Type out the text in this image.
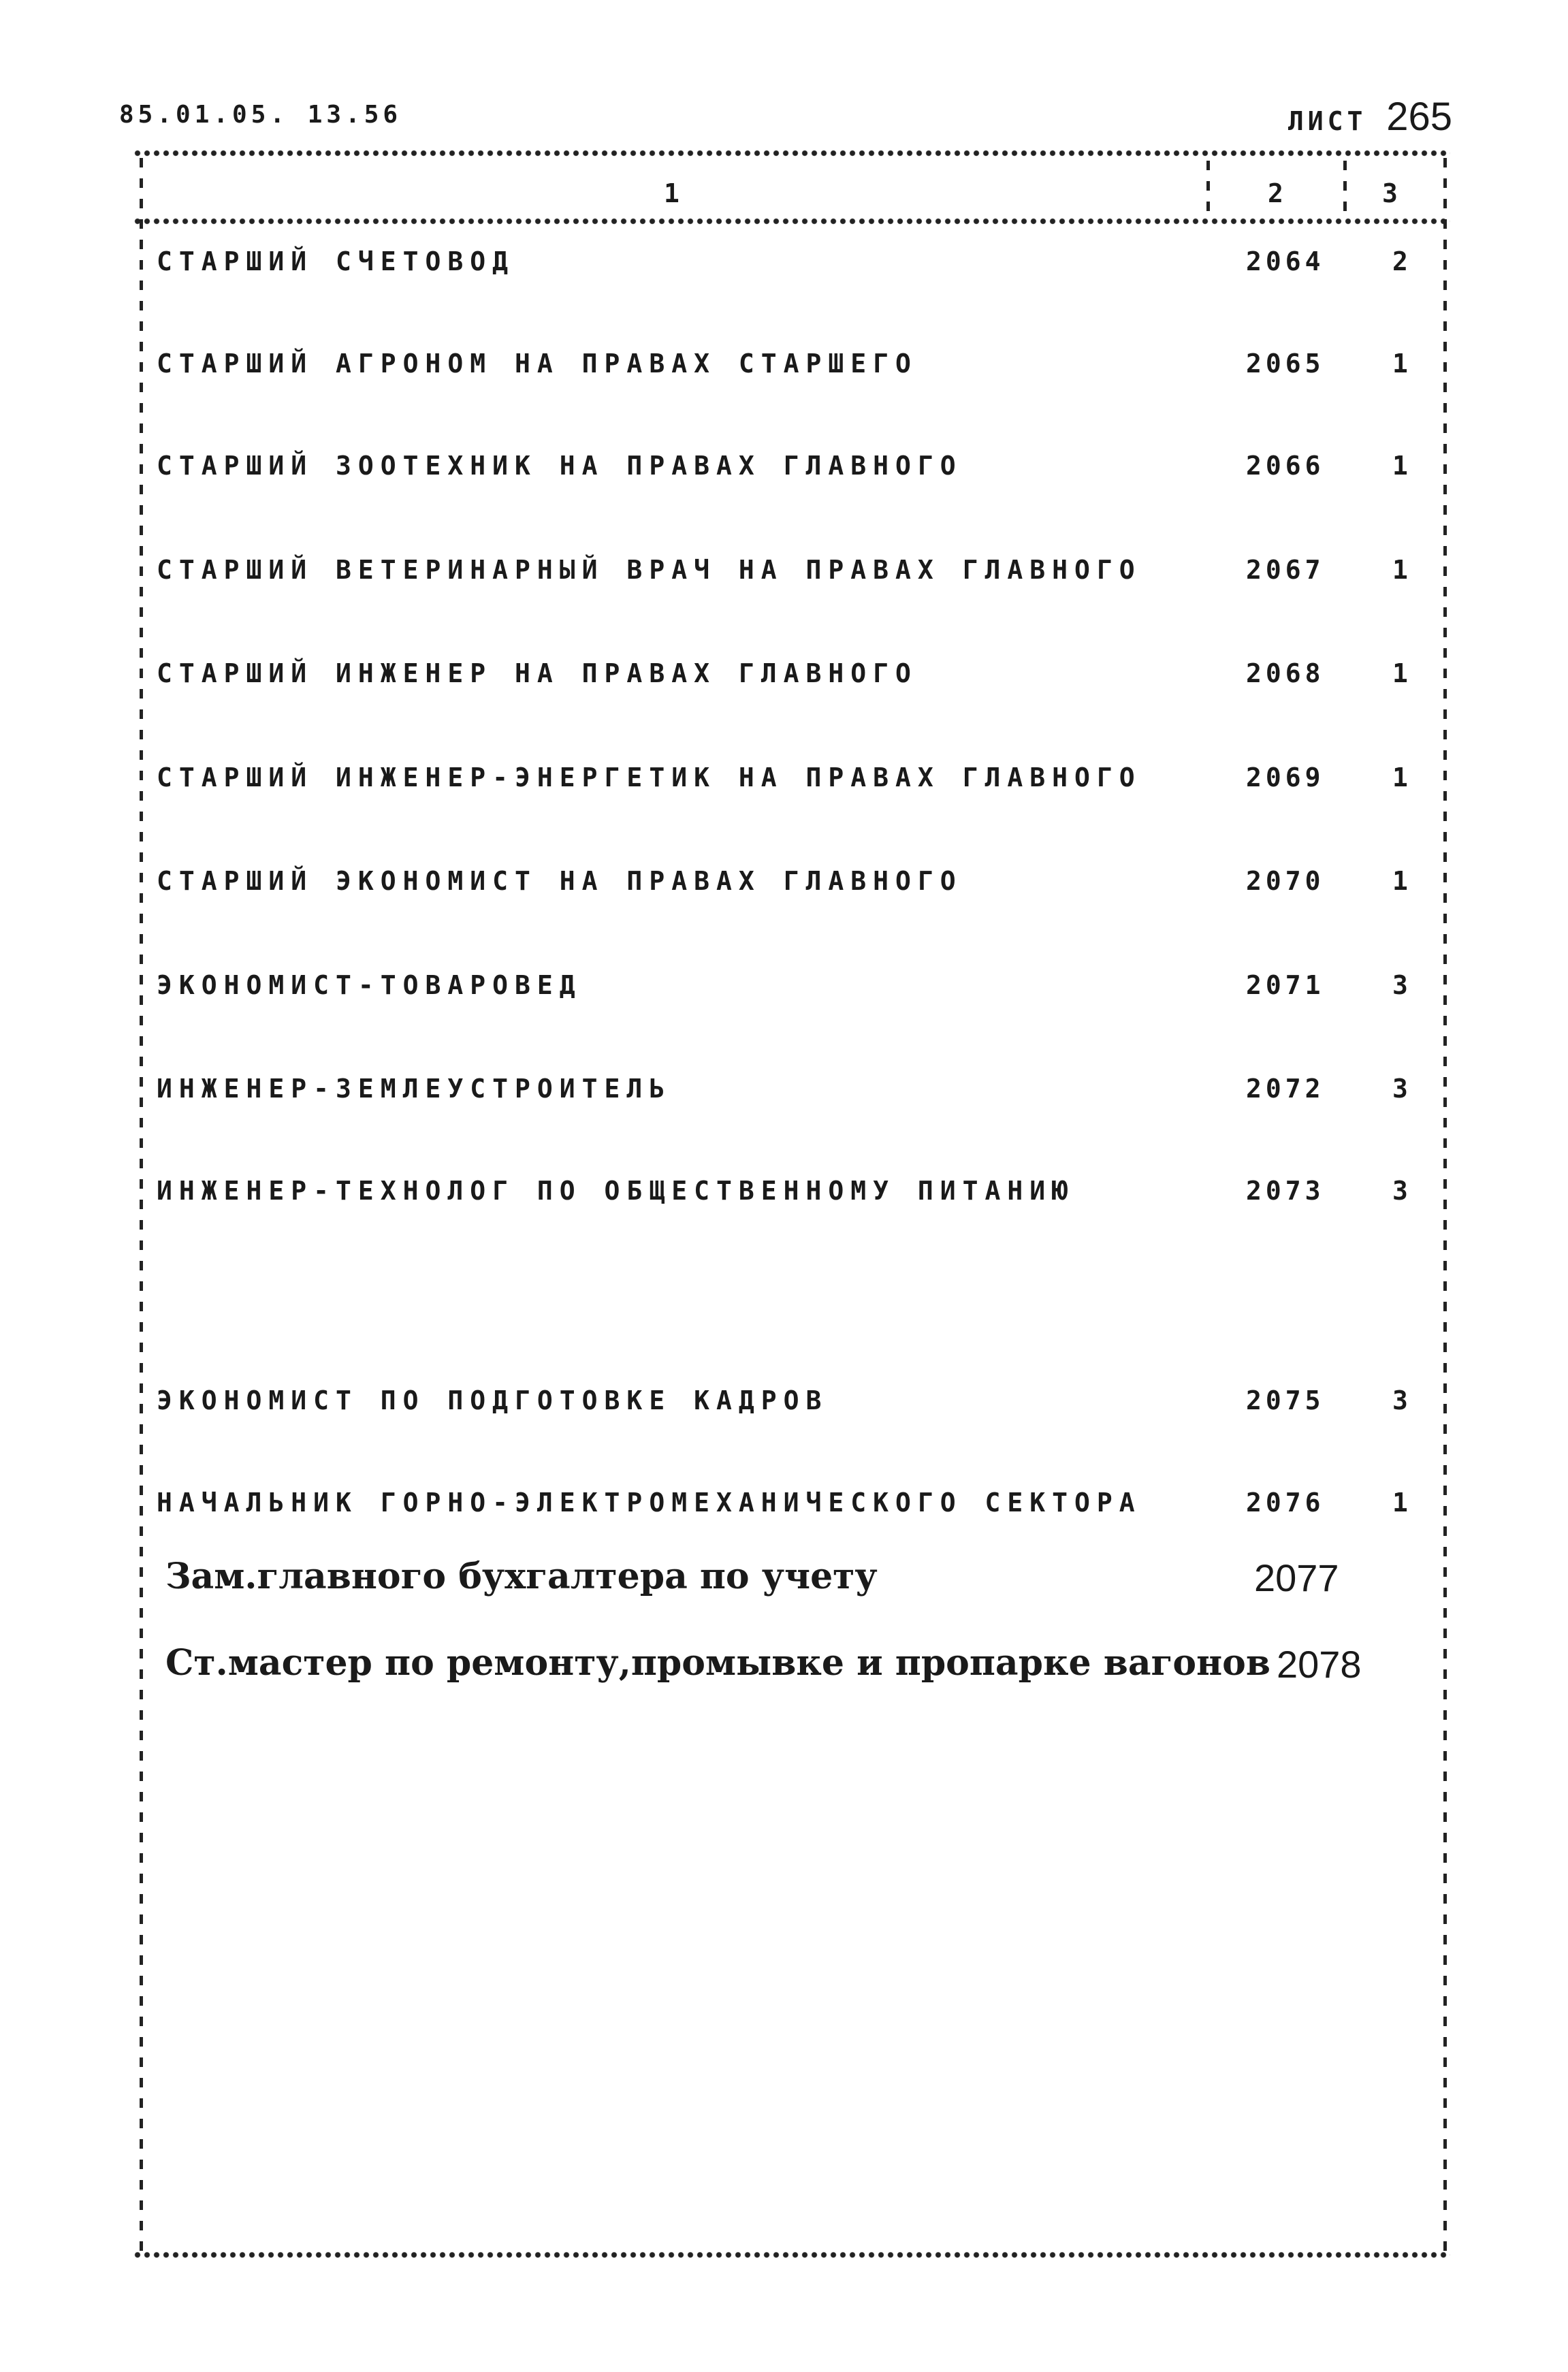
85.01.05. 13.56	ЛИСТ 265
1	2	3
СТАРШИЙ СЧЕТОВОД	2064	2
СТАРШИЙ АГРОНОМ НА ПРАВАХ СТАРШЕГО	2065	1
СТАРШИЙ ЗООТЕХНИК НА ПРАВАХ ГЛАВНОГО	2066	1
СТАРШИЙ ВЕТЕРИНАРНЫЙ ВРАЧ НА ПРАВАХ ГЛАВНОГО	2067	1
СТАРШИЙ ИНЖЕНЕР НА ПРАВАХ ГЛАВНОГО	2068	1
СТАРШИЙ ИНЖЕНЕР-ЭНЕРГЕТИК НА ПРАВАХ ГЛАВНОГО	2069	1
СТАРШИЙ ЭКОНОМИСТ НА ПРАВАХ ГЛАВНОГО	2070	1
ЭКОНОМИСТ-ТОВАРОВЕД	2071	3
ИНЖЕНЕР-ЗЕМЛЕУСТРОИТЕЛЬ	2072	3
ИНЖЕНЕР-ТЕХНОЛОГ ПО ОБЩЕСТВЕННОМУ ПИТАНИЮ	2073	3
ЭКОНОМИСТ ПО ПОДГОТОВКЕ КАДРОВ	2075	3
НАЧАЛЬНИК ГОРНО-ЭЛЕКТРОМЕХАНИЧЕСКОГО СЕКТОРА	2076	1
Зам.главного бухгалтера по учету	2077
Ст.мастер по ремонту,промывке и пропарке вагонов 2078
